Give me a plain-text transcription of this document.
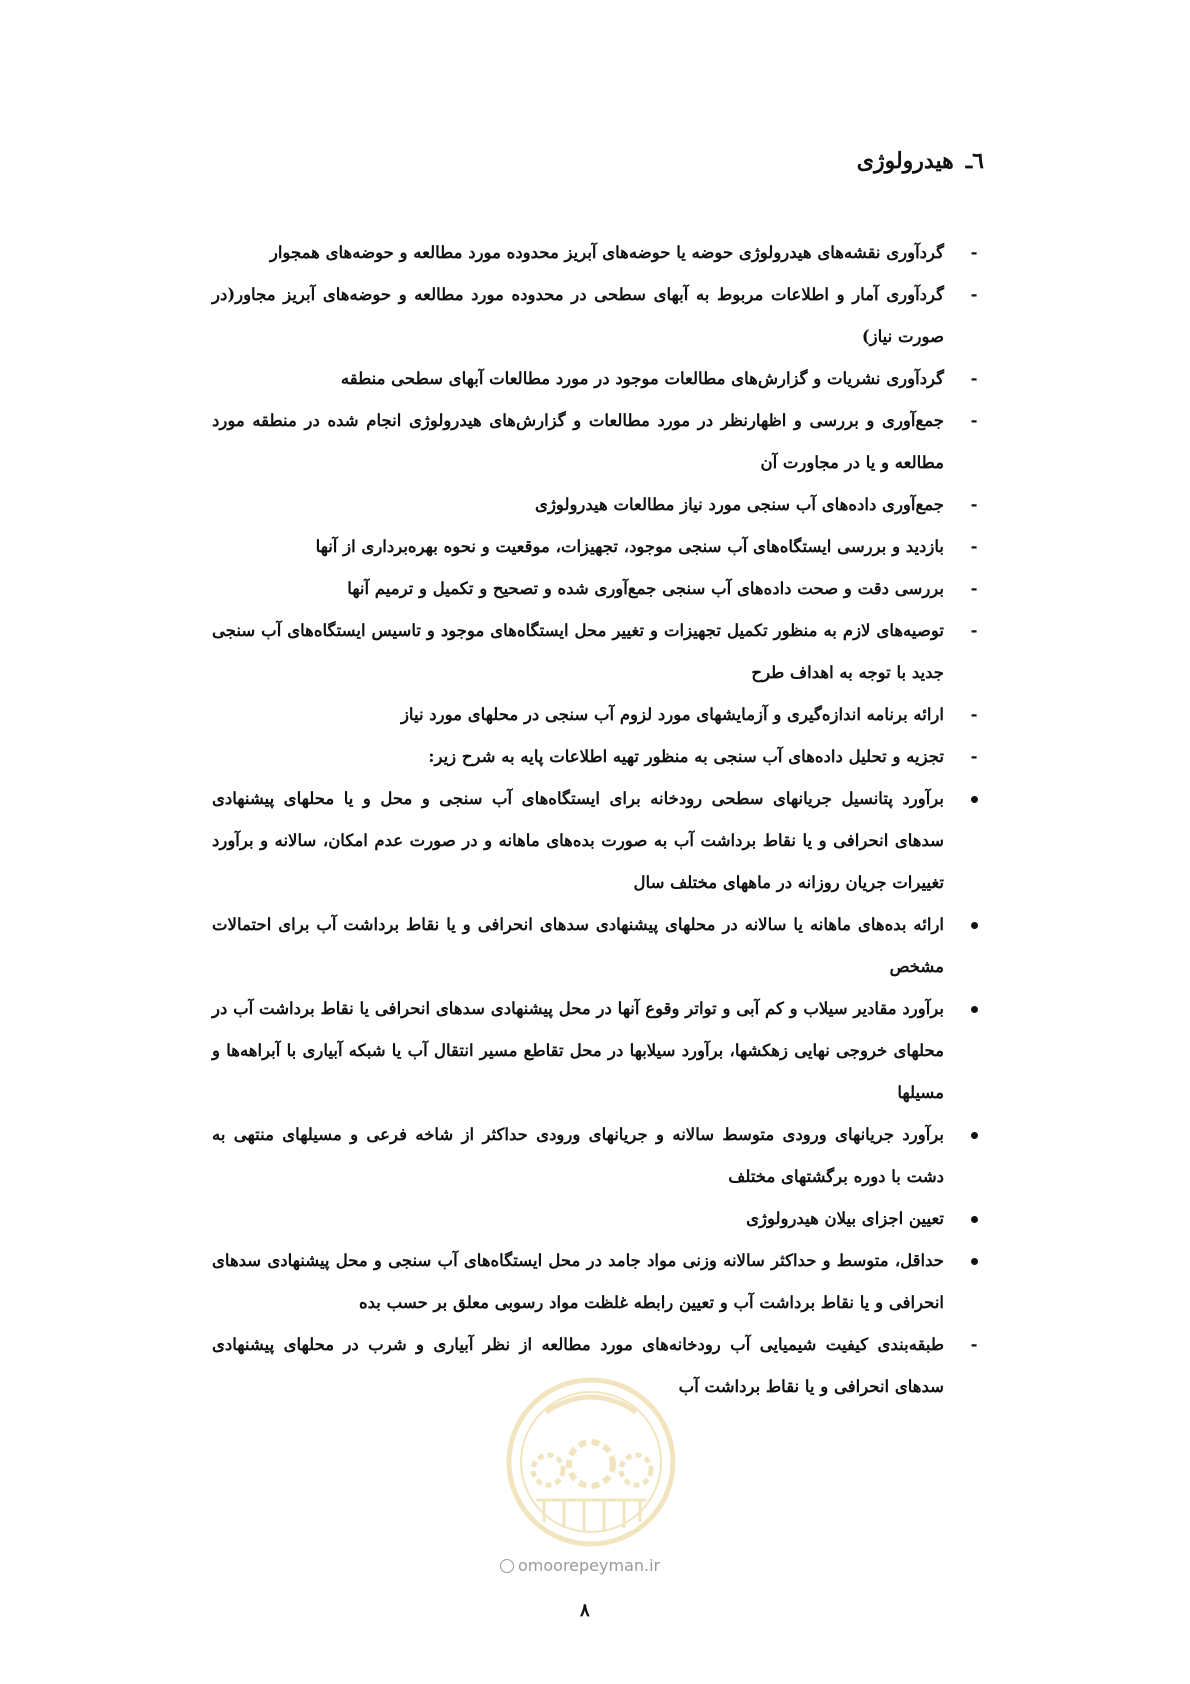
٦ـ
هیدرولوژی
-
گردآوری نقشه‌های هیدرولوژی حوضه یا حوضه‌های آبریز محدوده مورد مطالعه و حوضه‌های همجوار
-
گردآوری آمار و اطلاعات مربوط به آبهای سطحی در محدوده مورد مطالعه و حوضه‌های آبریز مجاور(در صورت نیاز)
-
گردآوری نشریات و گزارش‌های مطالعات موجود در مورد مطالعات آبهای سطحی منطقه
-
جمع‌آوری و بررسی و اظهارنظر در مورد مطالعات و گزارش‌های هیدرولوژی انجام شده در منطقه مورد مطالعه و یا در مجاورت آن
-
جمع‌آوری داده‌های آب سنجی مورد نیاز مطالعات هیدرولوژی
-
بازدید و بررسی ایستگاه‌های آب سنجی موجود، تجهیزات، موقعیت و نحوه بهره‌برداری از آنها
-
بررسی دقت و صحت داده‌های آب سنجی جمع‌آوری شده و تصحیح و تکمیل و ترمیم آنها
-
توصیه‌های لازم به منظور تکمیل تجهیزات و تغییر محل ایستگاه‌های موجود و تاسیس ایستگاه‌های آب سنجی جدید با توجه به اهداف طرح
-
ارائه برنامه اندازه‌گیری و آزمایشهای مورد لزوم آب سنجی در محلهای مورد نیاز
-
تجزیه و تحلیل داده‌های آب سنجی به منظور تهیه اطلاعات پایه به شرح زیر:
برآورد پتانسیل جریانهای سطحی رودخانه برای ایستگاه‌های آب سنجی و محل و یا محلهای پیشنهادی سدهای انحرافی و یا نقاط برداشت آب به صورت بده‌های ماهانه و در صورت عدم امکان، سالانه و برآورد تغییرات جریان روزانه در ماههای مختلف سال
ارائه بده‌های ماهانه یا سالانه در محلهای پیشنهادی سدهای انحرافی و یا نقاط برداشت آب برای احتمالات مشخص
برآورد مقادیر سیلاب و کم آبی و تواتر وقوع آنها در محل پیشنهادی سدهای انحرافی یا نقاط برداشت آب در محلهای خروجی نهایی زهکشها، برآورد سیلابها در محل تقاطع مسیر انتقال آب یا شبکه آبیاری با آبراهه‌ها و مسیلها
برآورد جریانهای ورودی متوسط سالانه و جریانهای ورودی حداکثر از شاخه فرعی و مسیلهای منتهی به دشت با دوره برگشتهای مختلف
تعیین اجزای بیلان هیدرولوژی
حداقل، متوسط و حداکثر سالانه وزنی مواد جامد در محل ایستگاه‌های آب سنجی و محل پیشنهادی سدهای انحرافی و یا نقاط برداشت آب و تعیین رابطه غلظت مواد رسوبی معلق بر حسب بده
-
طبقه‌بندی کیفیت شیمیایی آب رودخانه‌های مورد مطالعه از نظر آبیاری و شرب در محلهای پیشنهادی سدهای انحرافی و یا نقاط برداشت آب
omoorepeyman.ir
۸
